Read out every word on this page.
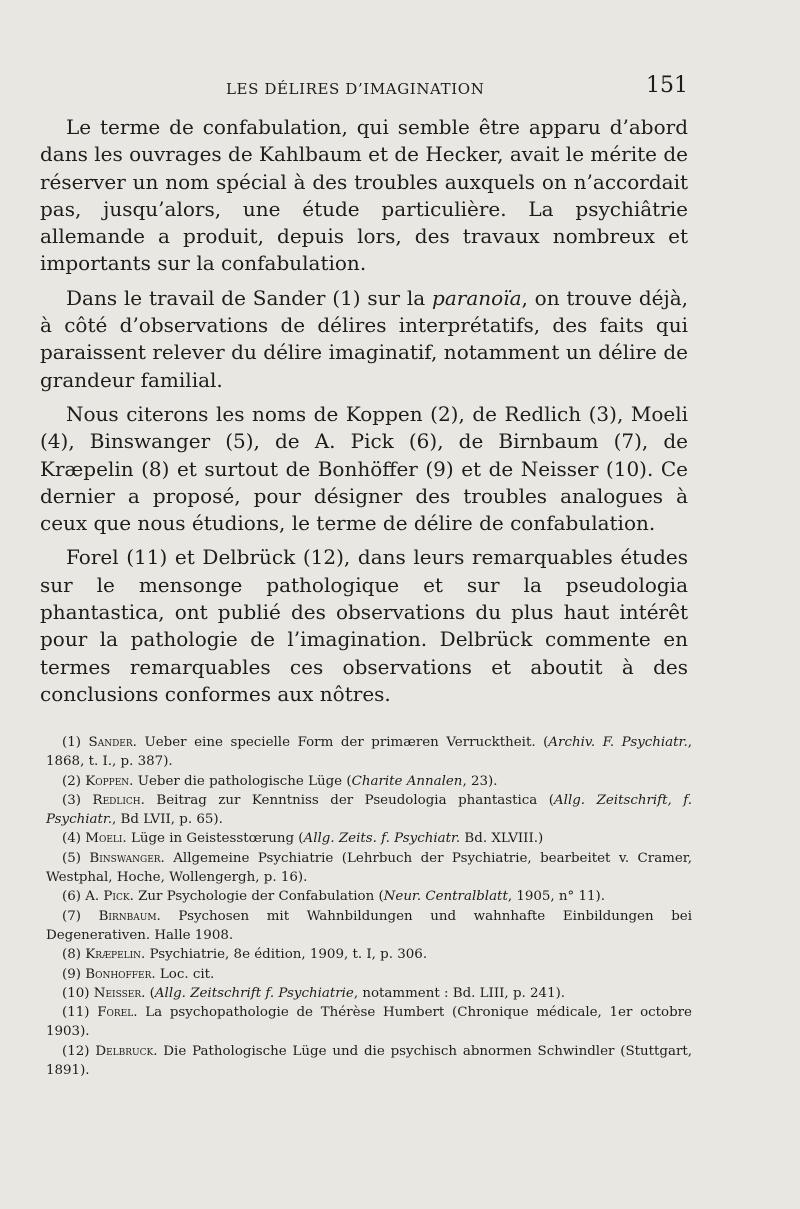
LES DÉLIRES D’IMAGINATION	151

Le terme de confabulation, qui semble être apparu d’abord dans les ouvrages de Kahlbaum et de Hecker, avait le mérite de réserver un nom spécial à des troubles auxquels on n’accordait pas, jusqu’alors, une étude particulière. La psychiâtrie allemande a produit, depuis lors, des travaux nombreux et importants sur la confabulation.

Dans le travail de Sander (1) sur la paranoïa, on trouve déjà, à côté d’observations de délires interprétatifs, des faits qui paraissent relever du délire imaginatif, notamment un délire de grandeur familial.

Nous citerons les noms de Koppen (2), de Redlich (3), Moeli (4), Binswanger (5), de A. Pick (6), de Birnbaum (7), de Kræpelin (8) et surtout de Bonhöffer (9) et de Neisser (10). Ce dernier a proposé, pour désigner des troubles analogues à ceux que nous étudions, le terme de délire de confabulation.

Forel (11) et Delbrück (12), dans leurs remarquables études sur le mensonge pathologique et sur la pseudologia phantastica, ont publié des observations du plus haut intérêt pour la pathologie de l’imagination. Delbrück commente en termes remarquables ces observations et aboutit à des conclusions conformes aux nôtres.

(1) Sander. Ueber eine specielle Form der primæren Verrucktheit. (Archiv. F. Psychiatr., 1868, t. I., p. 387).

(2) Koppen. Ueber die pathologische Lüge (Charite Annalen, 23).

(3) Redlich. Beitrag zur Kenntniss der Pseudologia phantastica (Allg. Zeitschrift, f. Psychiatr., Bd LVII, p. 65).

(4) Moeli. Lüge in Geistesstœrung (Allg. Zeits. f. Psychiatr. Bd. XLVIII.)

(5) Binswanger. Allgemeine Psychiatrie (Lehrbuch der Psychiatrie, bearbeitet v. Cramer, Westphal, Hoche, Wollengergh, p. 16).

(6) A. Pick. Zur Psychologie der Confabulation (Neur. Centralblatt, 1905, n° 11).

(7) Birnbaum. Psychosen mit Wahnbildungen und wahnhafte Einbildungen bei Degenerativen. Halle 1908.

(8) Kræpelin. Psychiatrie, 8e édition, 1909, t. I, p. 306.

(9) Bonhoffer. Loc. cit.

(10) Neisser. (Allg. Zeitschrift f. Psychiatrie, notamment : Bd. LIII, p. 241).

(11) Forel. La psychopathologie de Thérèse Humbert (Chronique médicale, 1er octobre 1903).

(12) Delbruck. Die Pathologische Lüge und die psychisch abnormen Schwindler (Stuttgart, 1891).
